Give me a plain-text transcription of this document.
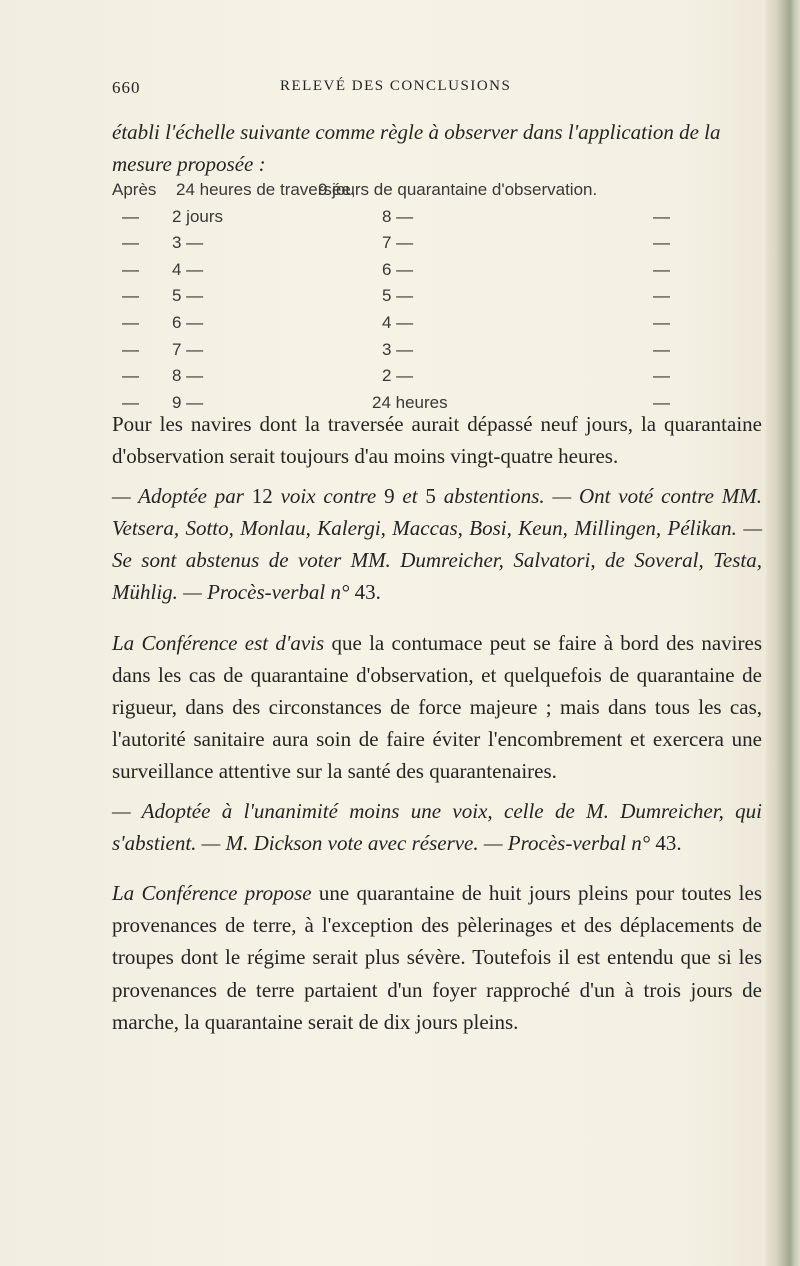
660	RELEVÉ DES CONCLUSIONS
établi l'échelle suivante comme règle à observer dans l'application de la mesure proposée :
Après 24 heures de traversée,
9 jours de quarantaine d'observation.
— 2 jours	8 —	—
— 3 —	7 —	—
— 4 —	6 —	—
— 5 —	5 —	—
— 6 —	4 —	—
— 7 —	3 —	—
— 8 —	2 —	—
— 9 —	24 heures	—

Pour les navires dont la traversée aurait dépassé neuf jours, la quarantaine d'observation serait toujours d'au moins vingt-quatre heures.

— Adoptée par 12 voix contre 9 et 5 abstentions. — Ont voté contre MM. Vetsera, Sotto, Monlau, Kalergi, Maccas, Bosi, Keun, Millingen, Pélikan. — Se sont abstenus de voter MM. Dumreicher, Salvatori, de Soveral, Testa, Mühlig. — Procès-verbal n° 43.

La Conférence est d'avis que la contumace peut se faire à bord des navires dans les cas de quarantaine d'observation, et quelquefois de quarantaine de rigueur, dans des circonstances de force majeure ; mais dans tous les cas, l'autorité sanitaire aura soin de faire éviter l'encombrement et exercera une surveillance attentive sur la santé des quarantenaires.

— Adoptée à l'unanimité moins une voix, celle de M. Dumreicher, qui s'abstient. — M. Dickson vote avec réserve. — Procès-verbal n° 43.

La Conférence propose une quarantaine de huit jours pleins pour toutes les provenances de terre, à l'exception des pèlerinages et des déplacements de troupes dont le régime serait plus sévère. Toutefois il est entendu que si les provenances de terre partaient d'un foyer rapproché d'un à trois jours de marche, la quarantaine serait de dix jours pleins.
